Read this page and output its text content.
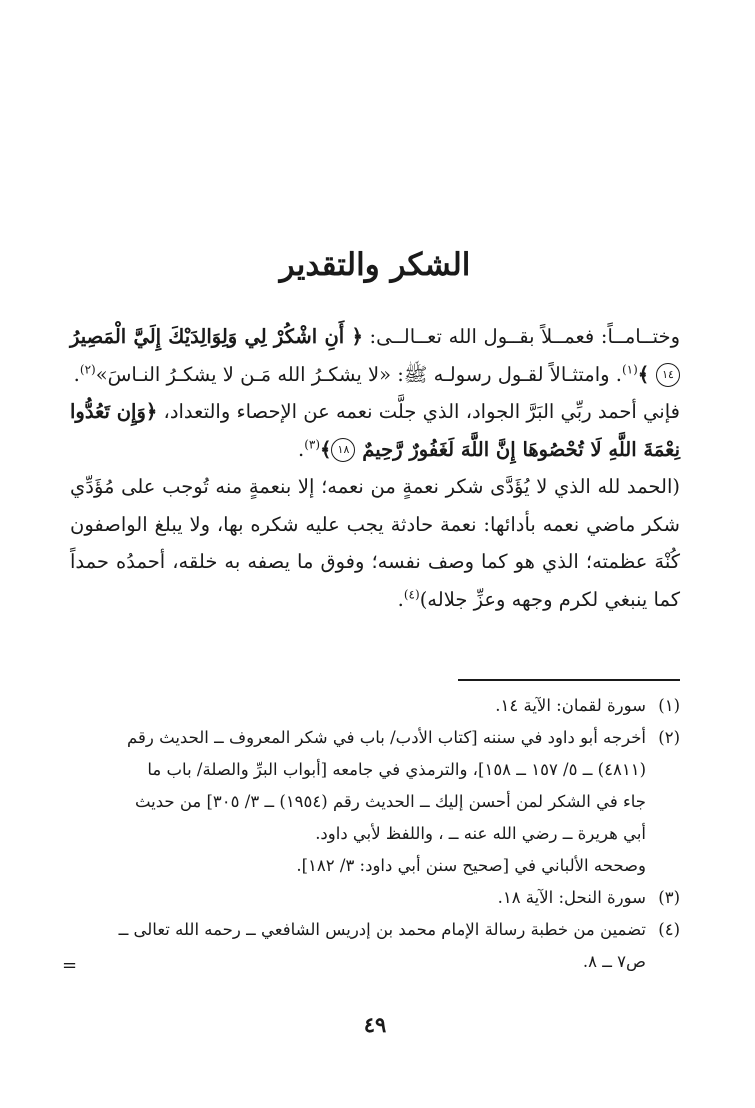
الشكر والتقدير

وختــامــاً: فعمــلاً بقــول الله تعــالــى: ﴿ أَنِ اشْكُرْ لِي وَلِوَالِدَيْكَ إِلَيَّ الْمَصِيرُ ١٤ ﴾$^{(١)}$. وامتثـالاً لقـول رسولـه ﷺ: «لا يشكـرُ الله مَـن لا يشكـرُ النـاسَ»$^{(٢)}$.

فإني أحمد ربِّي البَرَّ الجواد، الذي جلَّت نعمه عن الإحصاء والتعداد، ﴿وَإِن تَعُدُّوا نِعْمَةَ اللَّهِ لَا تُحْصُوهَا إِنَّ اللَّهَ لَغَفُورٌ رَّحِيمٌ ١٨﴾$^{(٣)}$.

(الحمد لله الذي لا يُؤَدَّى شكر نعمةٍ من نعمه؛ إلا بنعمةٍ منه تُوجب على مُؤَدِّي شكر ماضي نعمه بأدائها: نعمة حادثة يجب عليه شكره بها، ولا يبلغ الواصفون كُنْهَ عظمته؛ الذي هو كما وصف نفسه؛ وفوق ما يصفه به خلقه، أحمدُه حمداً كما ينبغي لكرم وجهه وعزِّ جلاله)$^{(٤)}$.

(١)
سورة لقمان: الآية ١٤.
(٢)
أخرجه أبو داود في سننه [كتاب الأدب/ باب في شكر المعروف ــ الحديث رقم
(٤٨١١) ــ ٥/ ١٥٧ ــ ١٥٨]، والترمذي في جامعه [أبواب البرِّ والصلة/ باب ما
جاء في الشكر لمن أحسن إليك ــ الحديث رقم (١٩٥٤) ــ ٣/ ٣٠٥] من حديث
أبي هريرة ــ رضي الله عنه ــ ، واللفظ لأبي داود.
وصححه الألباني في [صحيح سنن أبي داود: ٣/ ١٨٢].
(٣)
سورة النحل: الآية ١٨.
(٤)
تضمين من خطبة رسالة الإمام محمد بن إدريس الشافعي ــ رحمه الله تعالى ــ
ص٧ ــ ٨.
=
٤٩
